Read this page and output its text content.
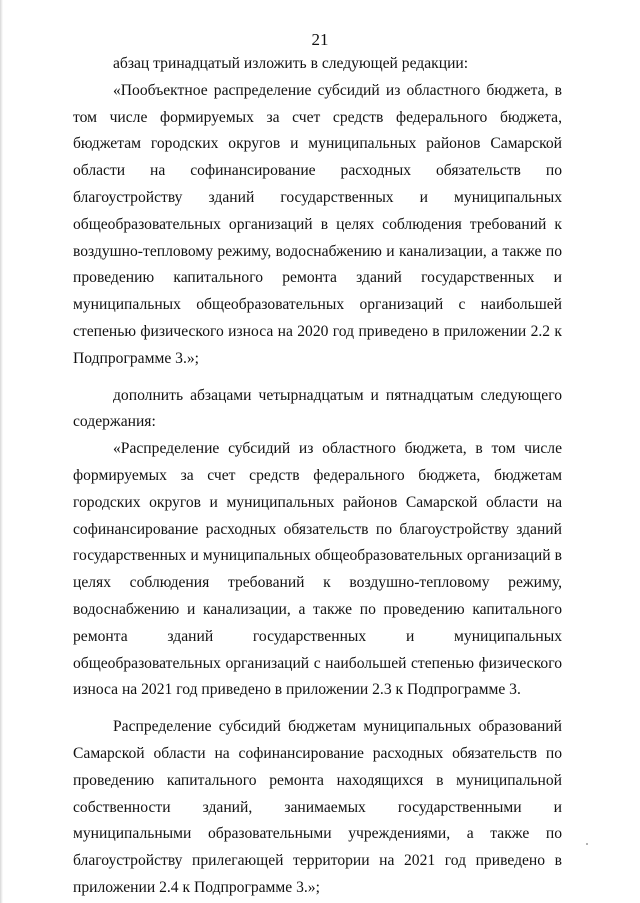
21

абзац тринадцатый изложить в следующей редакции:

«Пообъектное распределение субсидий из областного бюджета, в том числе формируемых за счет средств федерального бюджета, бюджетам городских округов и муниципальных районов Самарской области на софинансирование расходных обязательств по благоустройству зданий государственных и муниципальных общеобразовательных организаций в целях соблюдения требований к воздушно-тепловому режиму, водоснабжению и канализации, а также по проведению капитального ремонта зданий государственных и муниципальных общеобразовательных организаций с наибольшей степенью физического износа на 2020 год приведено в приложении 2.2 к Подпрограмме 3.»;

дополнить абзацами четырнадцатым и пятнадцатым следующего содержания:

«Распределение субсидий из областного бюджета, в том числе формируемых за счет средств федерального бюджета, бюджетам городских округов и муниципальных районов Самарской области на софинансирование расходных обязательств по благоустройству зданий государственных и муниципальных общеобразовательных организаций в целях соблюдения требований к воздушно-тепловому режиму, водоснабжению и канализации, а также по проведению капитального ремонта зданий государственных и муниципальных общеобразовательных организаций с наибольшей степенью физического износа на 2021 год приведено в приложении 2.3 к Подпрограмме 3.

Распределение субсидий бюджетам муниципальных образований Самарской области на софинансирование расходных обязательств по проведению капитального ремонта находящихся в муниципальной собственности зданий, занимаемых государственными и муниципальными образовательными учреждениями, а также по благоустройству прилегающей территории на 2021 год приведено в приложении 2.4 к Подпрограмме 3.»;
